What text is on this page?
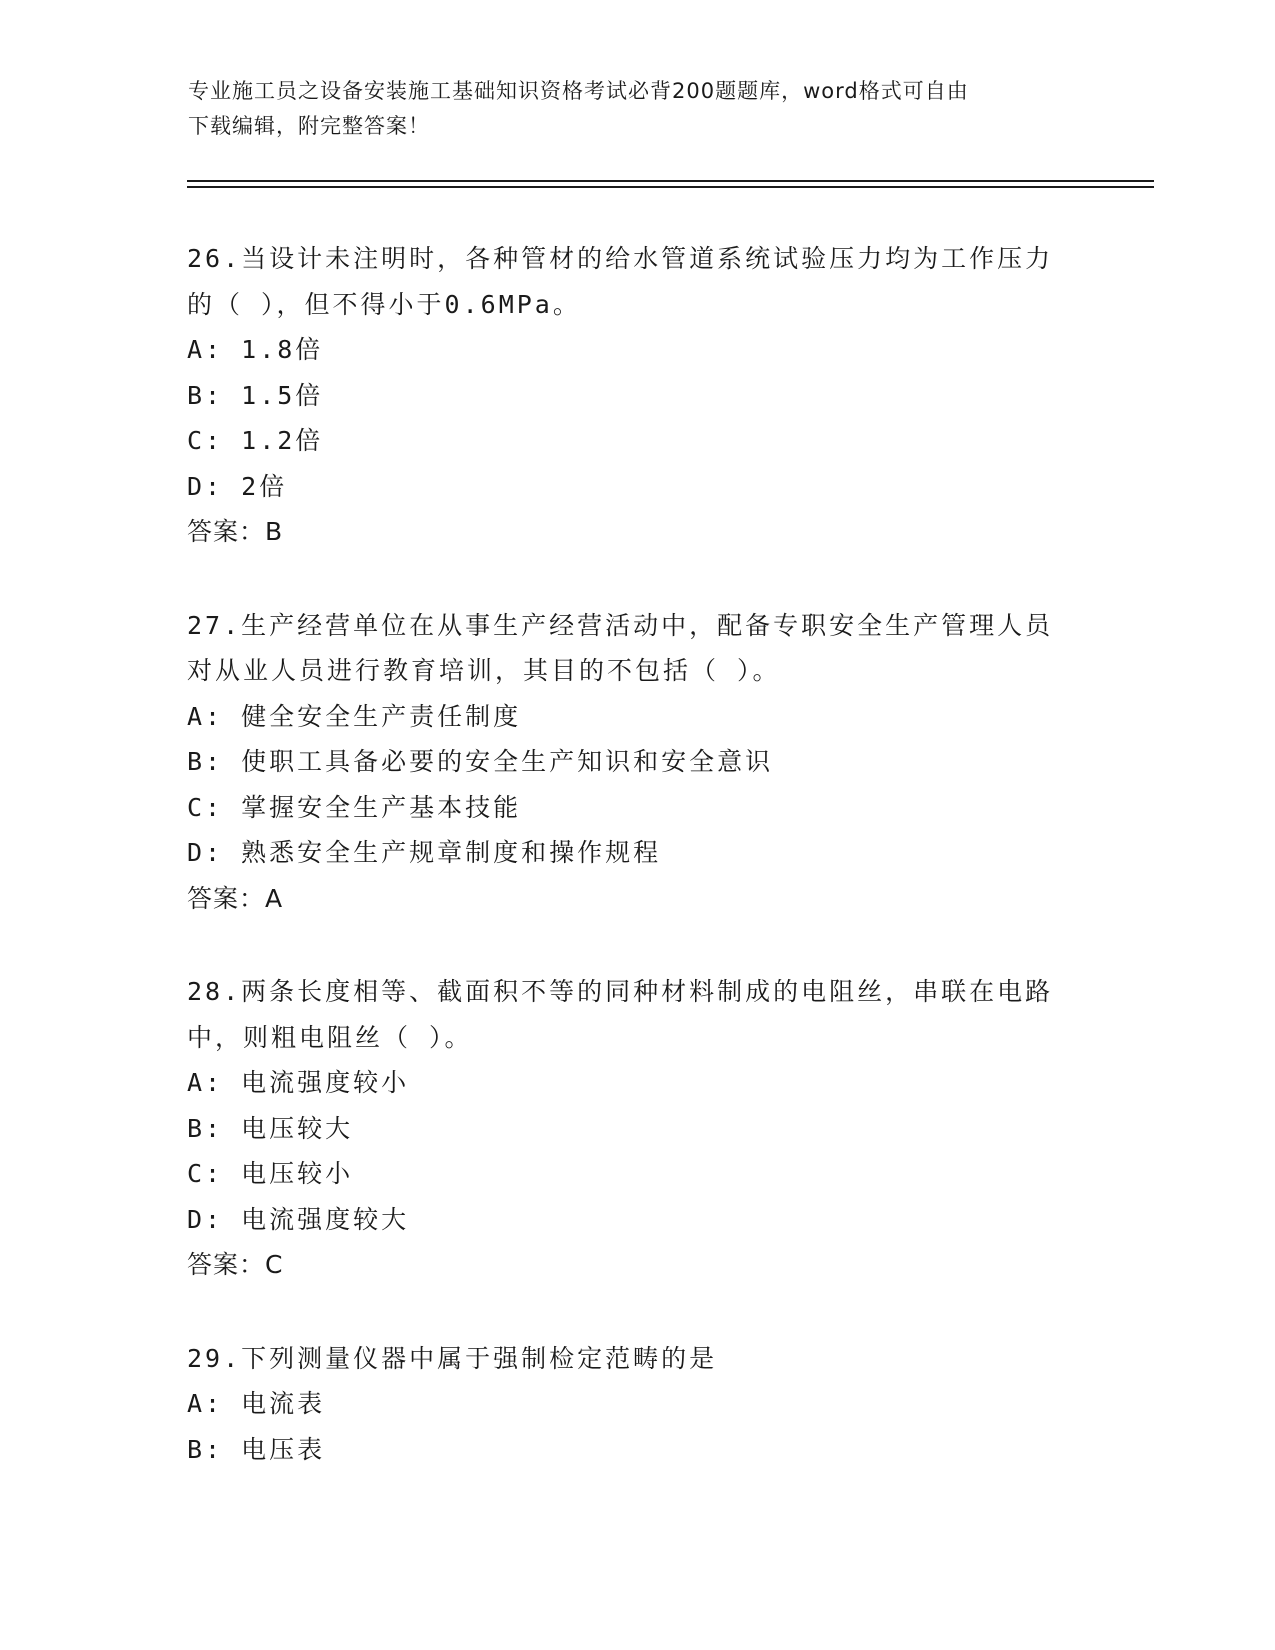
专业施工员之设备安装施工基础知识资格考试必背200题题库，word格式可自由
下载编辑，附完整答案！
26.当设计未注明时，各种管材的给水管道系统试验压力均为工作压力
的（ ），但不得小于0.6MPa。
A: 1.8倍
B: 1.5倍
C: 1.2倍
D: 2倍
答案：B
27.生产经营单位在从事生产经营活动中，配备专职安全生产管理人员
对从业人员进行教育培训，其目的不包括（ ）。
A: 健全安全生产责任制度
B: 使职工具备必要的安全生产知识和安全意识
C: 掌握安全生产基本技能
D: 熟悉安全生产规章制度和操作规程
答案：A
28.两条长度相等、截面积不等的同种材料制成的电阻丝，串联在电路
中，则粗电阻丝（ ）。
A: 电流强度较小
B: 电压较大
C: 电压较小
D: 电流强度较大
答案：C
29.下列测量仪器中属于强制检定范畴的是
A: 电流表
B: 电压表
